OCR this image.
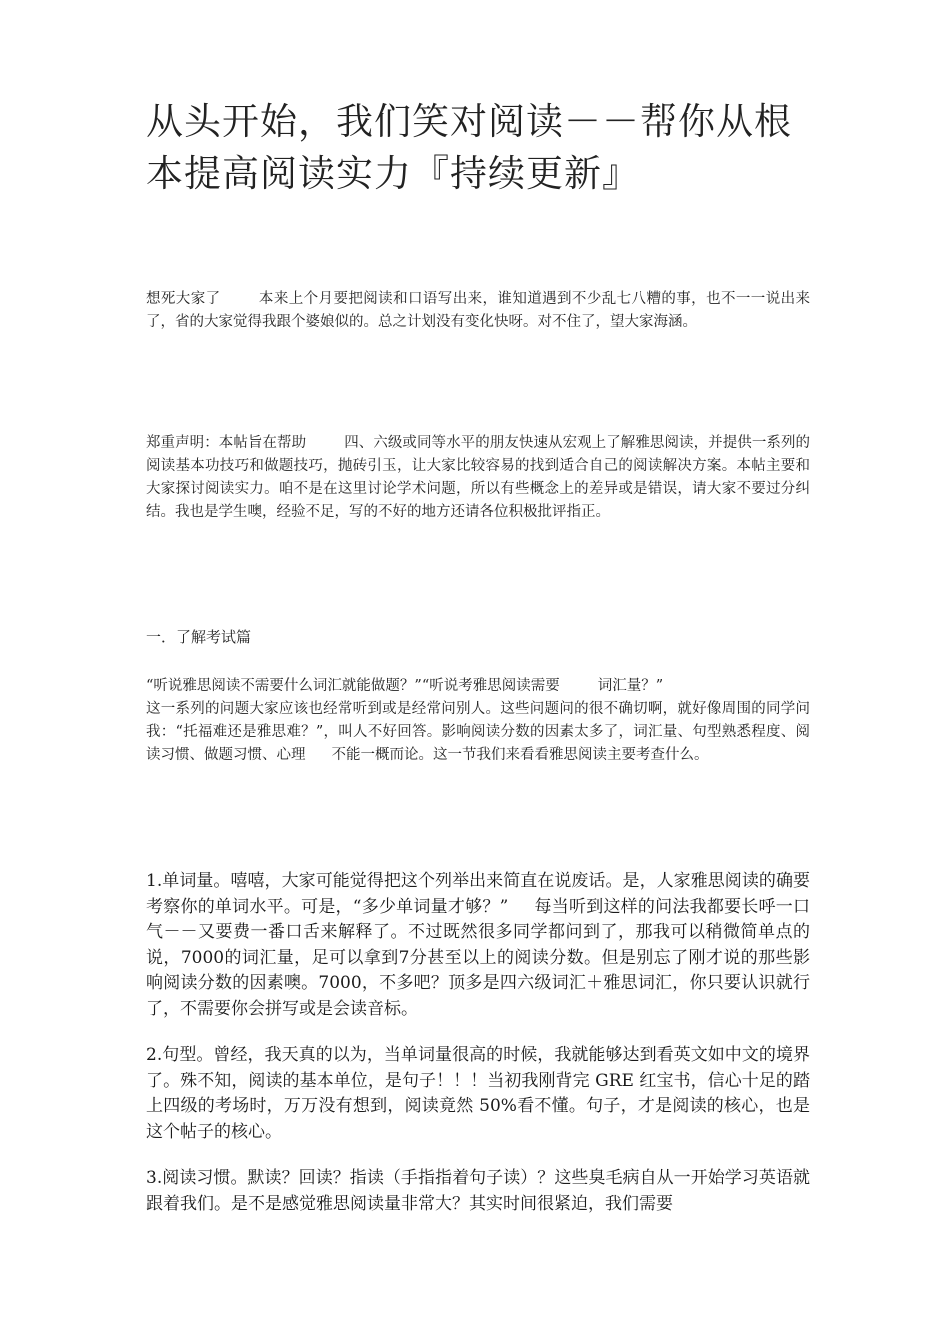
从头开始，我们笑对阅读－－帮你从根本提高阅读实力『持续更新』

想死大家了	本来上个月要把阅读和口语写出来，谁知道遇到不少乱七八糟的事，也不一一说出来了，省的大家觉得我跟个婆娘似的。总之计划没有变化快呀。对不住了，望大家海涵。

郑重声明：本帖旨在帮助	四、六级或同等水平的朋友快速从宏观上了解雅思阅读，并提供一系列的阅读基本功技巧和做题技巧，抛砖引玉，让大家比较容易的找到适合自己的阅读解决方案。本帖主要和大家探讨阅读实力。咱不是在这里讨论学术问题，所以有些概念上的差异或是错误，请大家不要过分纠结。我也是学生噢，经验不足，写的不好的地方还请各位积极批评指正。

一．了解考试篇

“听说雅思阅读不需要什么词汇就能做题？”“听说考雅思阅读需要	词汇量？”
这一系列的问题大家应该也经常听到或是经常问别人。这些问题问的很不确切啊，就好像周围的同学问我：“托福难还是雅思难？”，叫人不好回答。影响阅读分数的因素太多了，词汇量、句型熟悉程度、阅读习惯、做题习惯、心理 不能一概而论。这一节我们来看看雅思阅读主要考查什么。

1.单词量。嘻嘻，大家可能觉得把这个列举出来简直在说废话。是，人家雅思阅读的确要考察你的单词水平。可是，“多少单词量才够？” 每当听到这样的问法我都要长呼一口气－－又要费一番口舌来解释了。不过既然很多同学都问到了，那我可以稍微简单点的说，7000的词汇量，足可以拿到7分甚至以上的阅读分数。但是别忘了刚才说的那些影响阅读分数的因素噢。7000，不多吧？顶多是四六级词汇＋雅思词汇，你只要认识就行了，不需要你会拼写或是会读音标。

2.句型。曾经，我天真的以为，当单词量很高的时候，我就能够达到看英文如中文的境界了。殊不知，阅读的基本单位，是句子！！！当初我刚背完 GRE 红宝书，信心十足的踏上四级的考场时，万万没有想到，阅读竟然 50%看不懂。句子，才是阅读的核心，也是这个帖子的核心。

3.阅读习惯。默读？回读？指读（手指指着句子读）？这些臭毛病自从一开始学习英语就跟着我们。是不是感觉雅思阅读量非常大？其实时间很紧迫，我们需要
